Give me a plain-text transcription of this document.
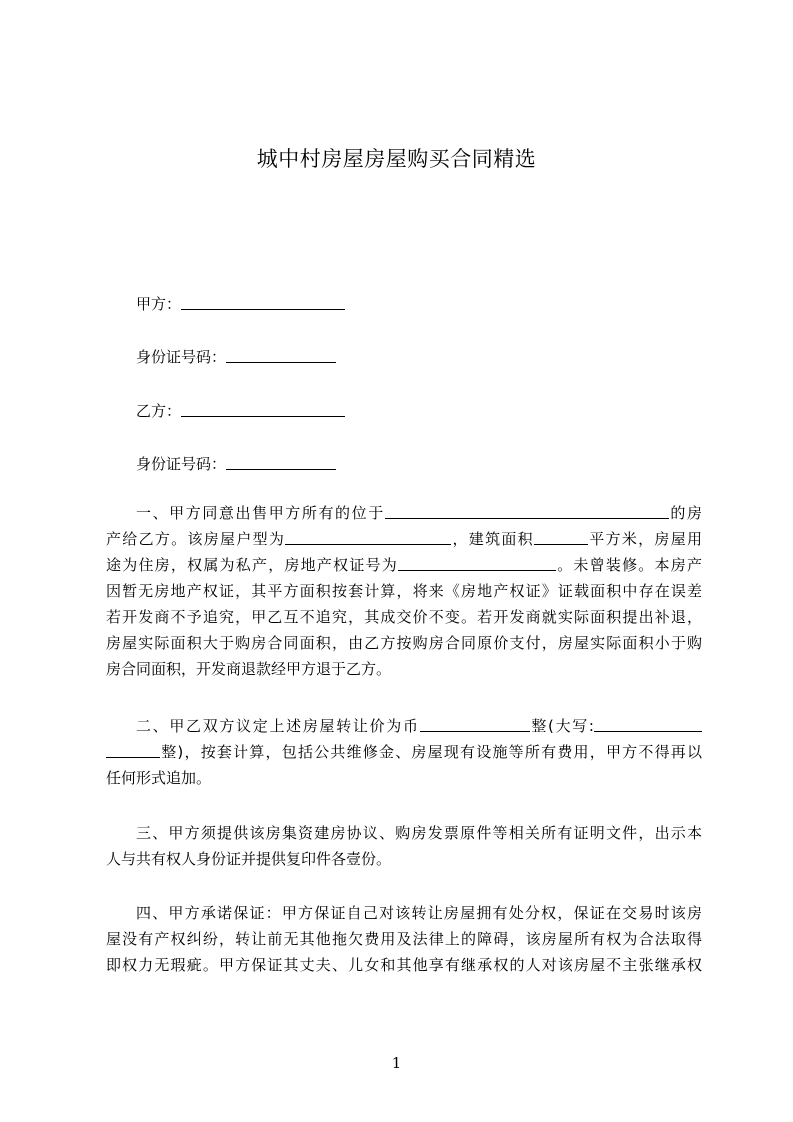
城中村房屋房屋购买合同精选
甲方：
身份证号码：
乙方：
身份证号码：
一、甲方同意出售甲方所有的位于	的房
产给乙方。该房屋户型为	，建筑面积	平方米，房屋用
途为住房，权属为私产，房地产权证号为	。未曾装修。本房产
因暂无房地产权证，其平方面积按套计算，将来《房地产权证》证载面积中存在误差
若开发商不予追究，甲乙互不追究，其成交价不变。若开发商就实际面积提出补退，
房屋实际面积大于购房合同面积，由乙方按购房合同原价支付，房屋实际面积小于购
房合同面积，开发商退款经甲方退于乙方。
二、甲乙双方议定上述房屋转让价为币	整(大写:
整)，按套计算，包括公共维修金、房屋现有设施等所有费用，甲方不得再以
任何形式追加。
三、甲方须提供该房集资建房协议、购房发票原件等相关所有证明文件，出示本
人与共有权人身份证并提供复印件各壹份。
四、甲方承诺保证：甲方保证自己对该转让房屋拥有处分权，保证在交易时该房
屋没有产权纠纷，转让前无其他拖欠费用及法律上的障碍，该房屋所有权为合法取得
即权力无瑕疵。甲方保证其丈夫、儿女和其他享有继承权的人对该房屋不主张继承权
1
